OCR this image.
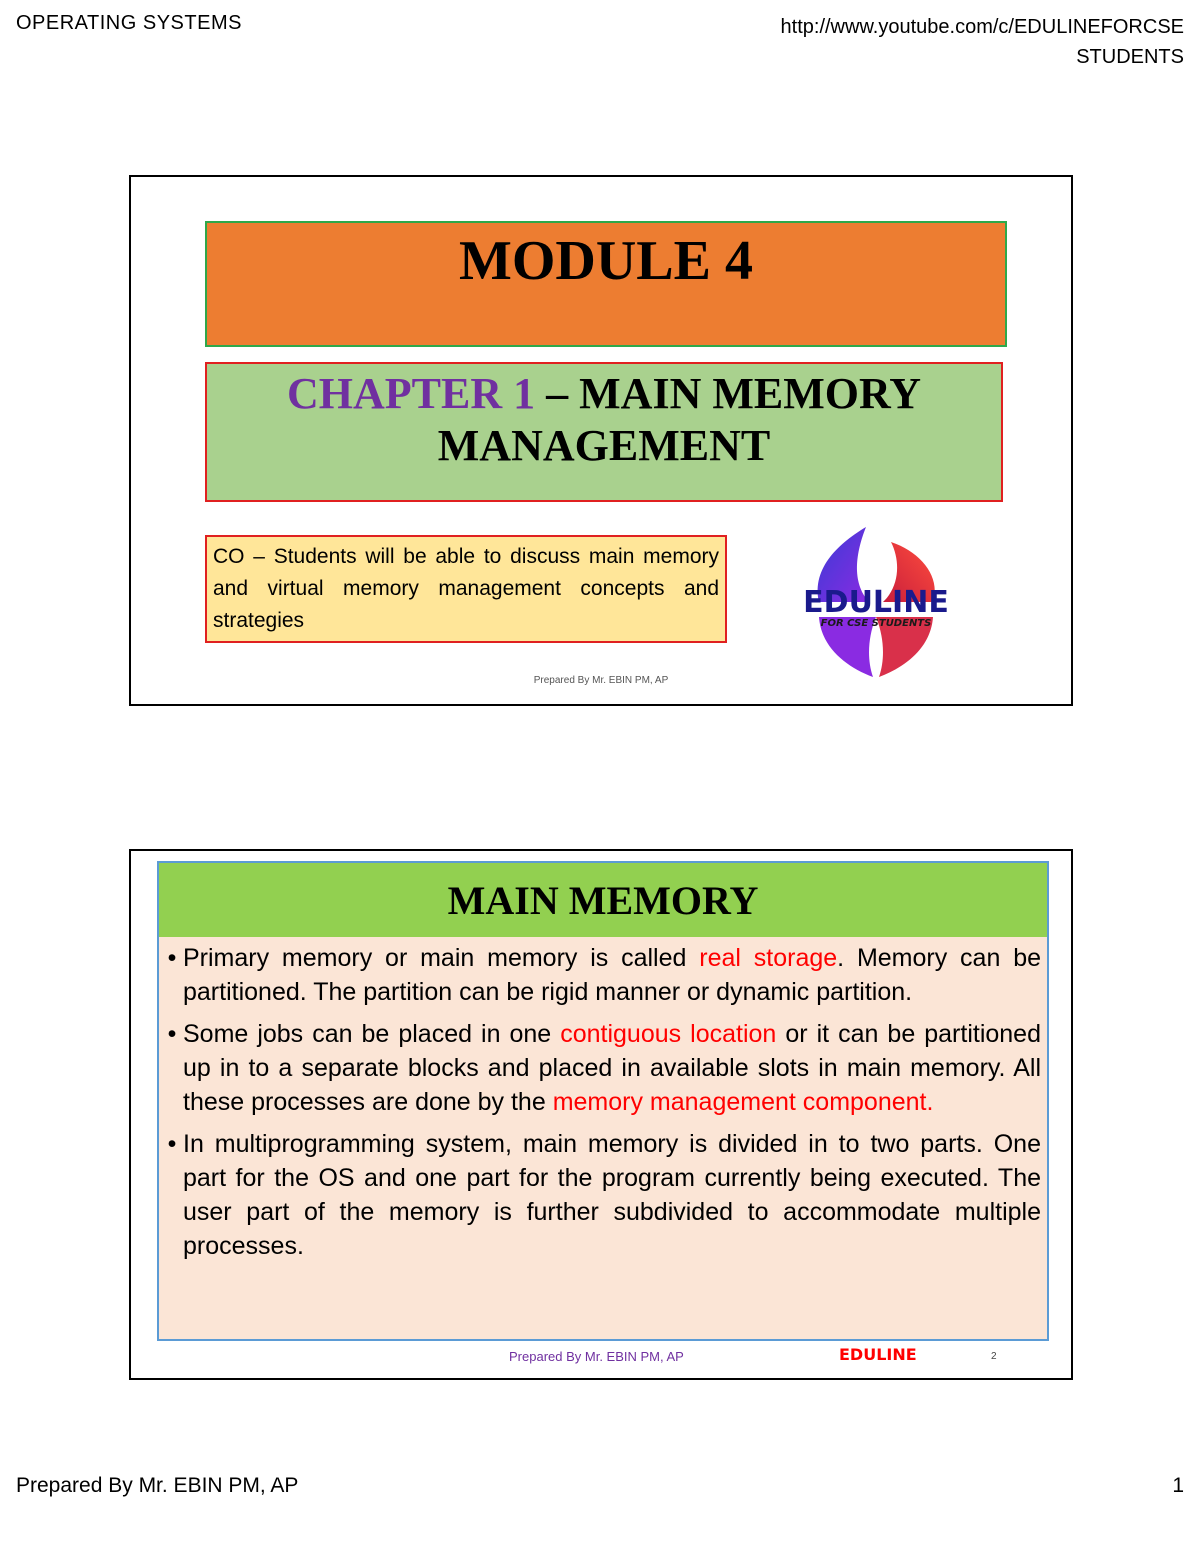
OPERATING SYSTEMS	http://www.youtube.com/c/EDULINEFORCSE
STUDENTS
MODULE 4
CHAPTER 1 – MAIN MEMORY MANAGEMENT
CO – Students will be able to discuss main memory and virtual memory management concepts and strategies
EDULINE
FOR CSE STUDENTS
Prepared By Mr. EBIN PM, AP
MAIN MEMORY
• Primary memory or main memory is called real storage. Memory can be partitioned. The partition can be rigid manner or dynamic partition.
• Some jobs can be placed in one contiguous location or it can be partitioned up in to a separate blocks and placed in available slots in main memory. All these processes are done by the memory management component.
• In multiprogramming system, main memory is divided in to two parts. One part for the OS and one part for the program currently being executed. The user part of the memory is further subdivided to accommodate multiple processes.
Prepared By Mr. EBIN PM, AP	EDULINE	2
Prepared By Mr. EBIN PM, AP	1
